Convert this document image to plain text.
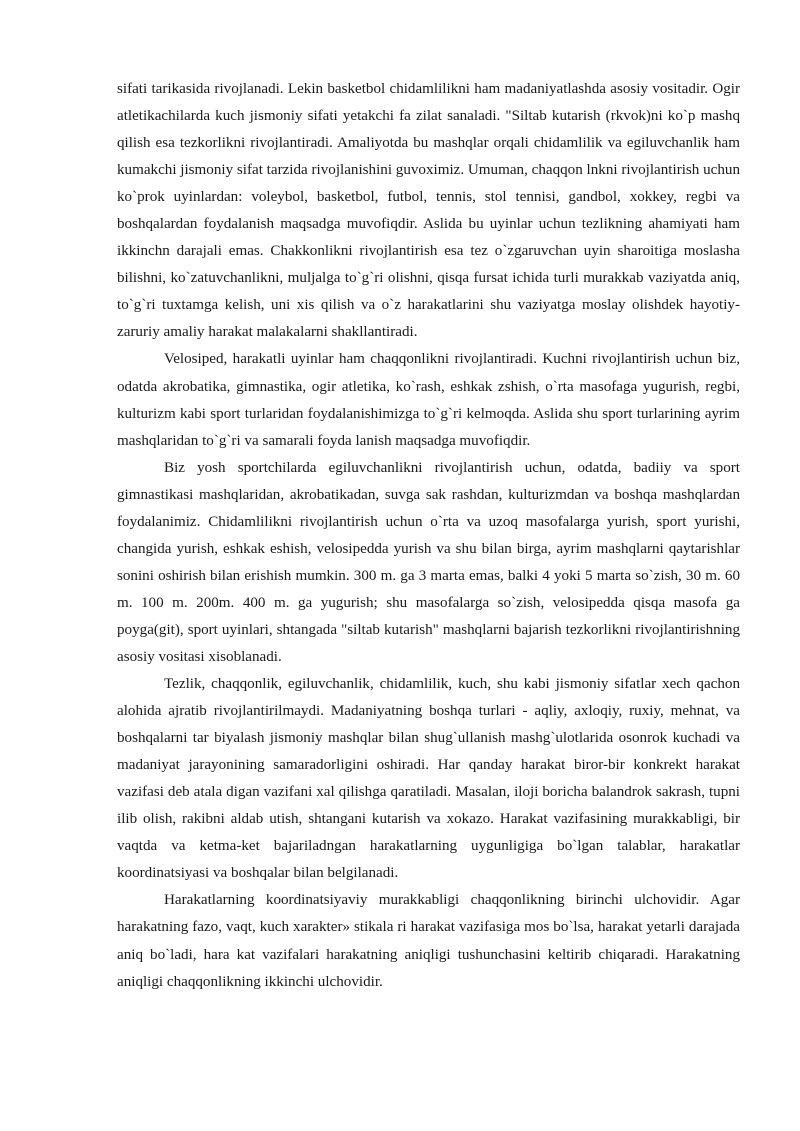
sifati tarikasida rivojlanadi. Lekin basketbol chidamlilikni ham madaniyatlashda asosiy vositadir. Ogir atletikachilarda kuch jismoniy sifati yetakchi fa zilat sanaladi. "Siltab kutarish (rkvok)ni ko`p mashq qilish esa tezkorlikni rivojlantiradi. Amaliyotda bu mashqlar orqali chidamlilik va egiluvchanlik ham kumakchi jismoniy sifat tarzida rivojlanishini guvoximiz. Umuman, chaqqon lnkni rivojlantirish uchun ko`prok uyinlardan: voleybol, basketbol, futbol, tennis, stol tennisi, gandbol, xokkey, regbi va boshqalardan foydalanish maqsadga muvofiqdir. Aslida bu uyinlar uchun tezlikning ahamiyati ham ikkinchn darajali emas. Chakkonlikni rivojlantirish esa tez o`zgaruvchan uyin sharoitiga moslasha bilishni, ko`zatuvchanlikni, muljalga to`g`ri olishni, qisqa fursat ichida turli murakkab vaziyatda aniq, to`g`ri tuxtamga kelish, uni xis qilish va o`z harakatlarini shu vaziyatga moslay olishdek hayotiy-zaruriy amaliy harakat malakalarni shakllantiradi.

Velosiped, harakatli uyinlar ham chaqqonlikni rivojlantiradi. Kuchni rivojlantirish uchun biz, odatda akrobatika, gimnastika, ogir atletika, ko`rash, eshkak zshish, o`rta masofaga yugurish, regbi, kulturizm kabi sport turlaridan foydalanishimizga to`g`ri kelmoqda. Aslida shu sport turlarining ayrim mashqlaridan to`g`ri va samarali foyda lanish maqsadga muvofiqdir.

Biz yosh sportchilarda egiluvchanlikni rivojlantirish uchun, odatda, badiiy va sport gimnastikasi mashqlaridan, akrobatikadan, suvga sak rashdan, kulturizmdan va boshqa mashqlardan foydalanimiz. Chidamlilikni rivojlantirish uchun o`rta va uzoq masofalarga yurish, sport yurishi, changida yurish, eshkak eshish, velosipedda yurish va shu bilan birga, ayrim mashqlarni qaytarishlar sonini oshirish bilan erishish mumkin. 300 m. ga 3 marta emas, balki 4 yoki 5 marta so`zish, 30 m. 60 m. 100 m. 200m. 400 m. ga yugurish; shu masofalarga so`zish, velosipedda qisqa masofa ga poyga(git), sport uyinlari, shtangada "siltab kutarish" mashqlarni bajarish tezkorlikni rivojlantirishning asosiy vositasi xisoblanadi.

Tezlik, chaqqonlik, egiluvchanlik, chidamlilik, kuch, shu kabi jismoniy sifatlar xech qachon alohida ajratib rivojlantirilmaydi. Madaniyatning boshqa turlari - aqliy, axloqiy, ruxiy, mehnat, va boshqalarni tar biyalash jismoniy mashqlar bilan shug`ullanish mashg`ulotlarida osonrok kuchadi va madaniyat jarayonining samaradorligini oshiradi. Har qanday harakat biror-bir konkrekt harakat vazifasi deb atala digan vazifani xal qilishga qaratiladi. Masalan, iloji boricha balandrok sakrash, tupni ilib olish, rakibni aldab utish, shtangani kutarish va xokazo. Harakat vazifasining murakkabligi, bir vaqtda va ketma-ket bajariladngan harakatlarning uygunligiga bo`lgan talablar, harakatlar koordinatsiyasi va boshqalar bilan belgilanadi.

Harakatlarning koordinatsiyaviy murakkabligi chaqqonlikning birinchi ulchovidir. Agar harakatning fazo, vaqt, kuch xarakter» stikala ri harakat vazifasiga mos bo`lsa, harakat yetarli darajada aniq bo`ladi, hara kat vazifalari harakatning aniqligi tushunchasini keltirib chiqaradi. Harakatning aniqligi chaqqonlikning ikkinchi ulchovidir.
